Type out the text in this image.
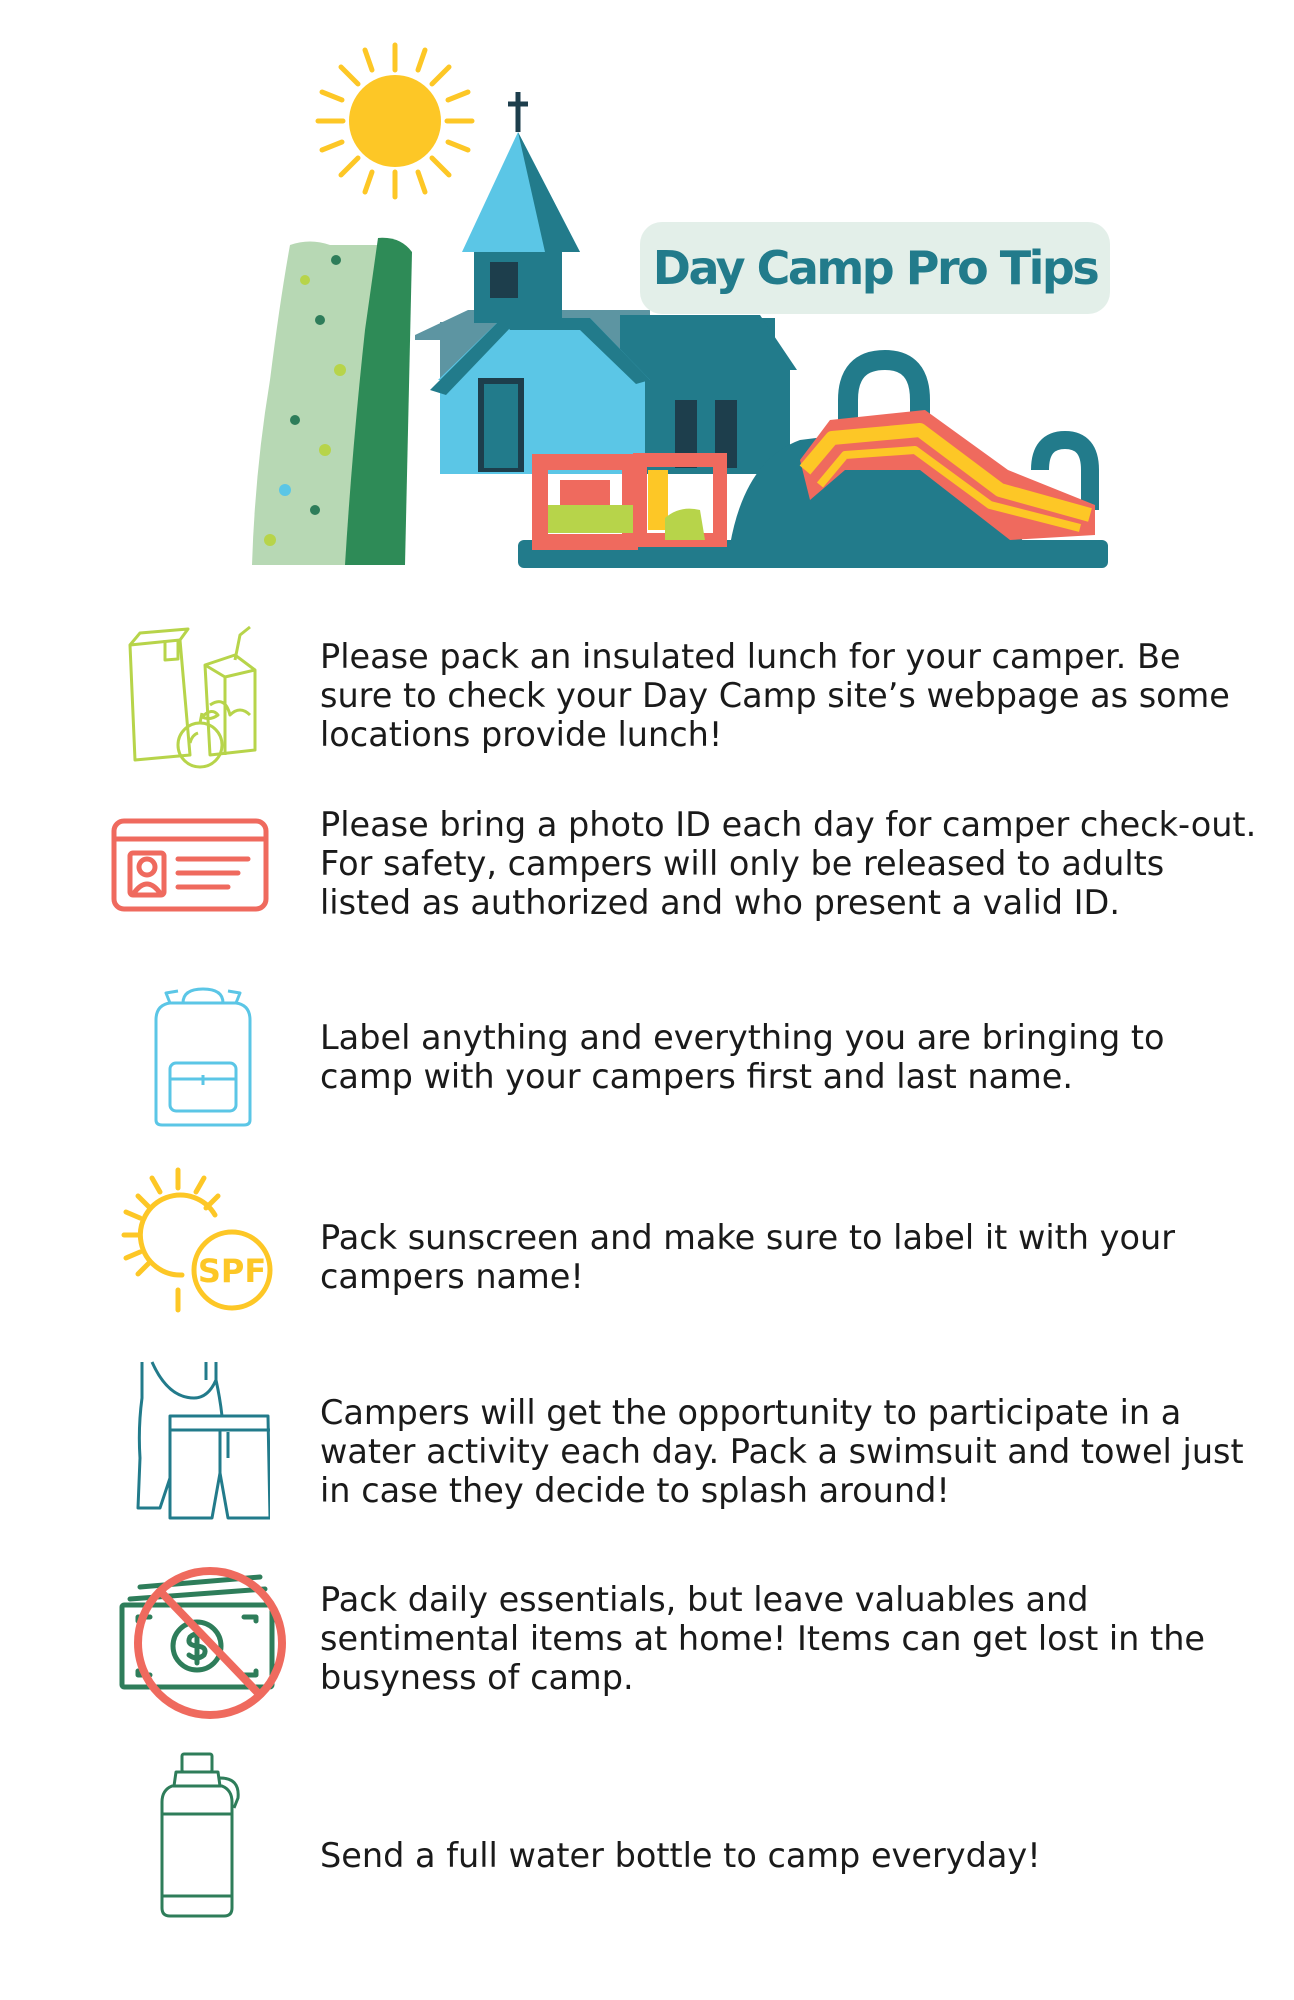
Day Camp Pro Tips

Please pack an insulated lunch for your camper. Be sure to check your Day Camp site’s webpage as some locations provide lunch!

Please bring a photo ID each day for camper check-out. For safety, campers will only be released to adults listed as authorized and who present a valid ID.

Label anything and everything you are bringing to camp with your campers first and last name.

SPF

Pack sunscreen and make sure to label it with your campers name!

Campers will get the opportunity to participate in a water activity each day. Pack a swimsuit and towel just in case they decide to splash around!

Pack daily essentials, but leave valuables and sentimental items at home! Items can get lost in the busyness of camp.

Send a full water bottle to camp everyday!
